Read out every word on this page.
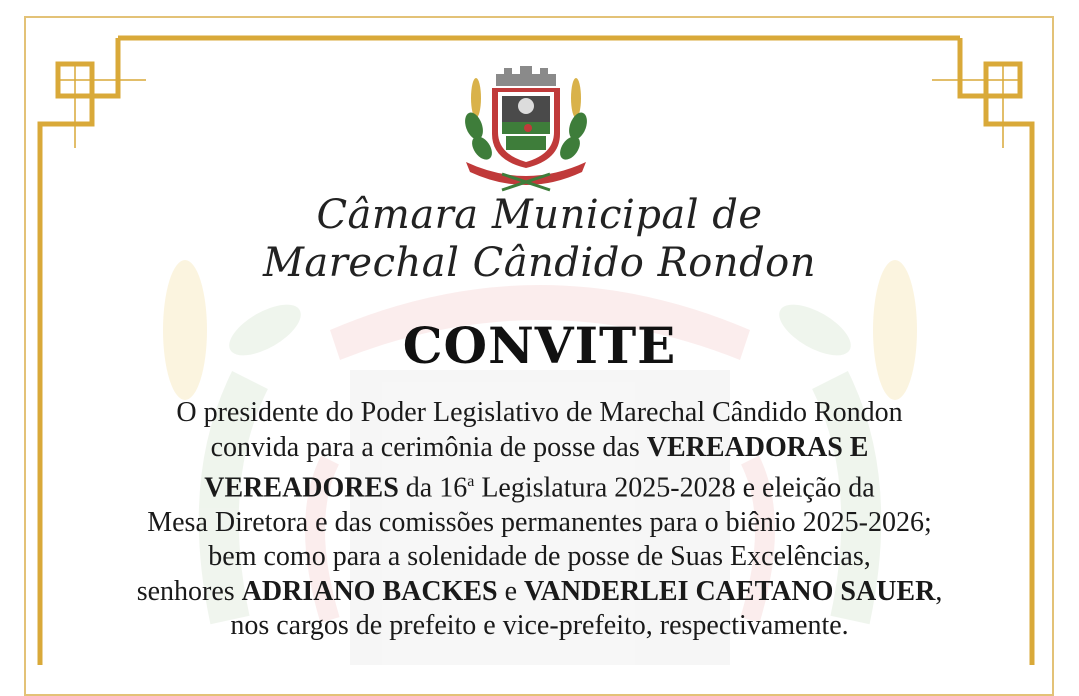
Câmara Municipal de
Marechal Cândido Rondon
CONVITE
O presidente do Poder Legislativo de Marechal Cândido Rondon
convida para a cerimônia de posse das VEREADORAS E
VEREADORES da 16$^a$ Legislatura 2025-2028 e eleição da
Mesa Diretora e das comissões permanentes para o biênio 2025-2026;
bem como para a solenidade de posse de Suas Excelências,
senhores ADRIANO BACKES e VANDERLEI CAETANO SAUER,
nos cargos de prefeito e vice-prefeito, respectivamente.
